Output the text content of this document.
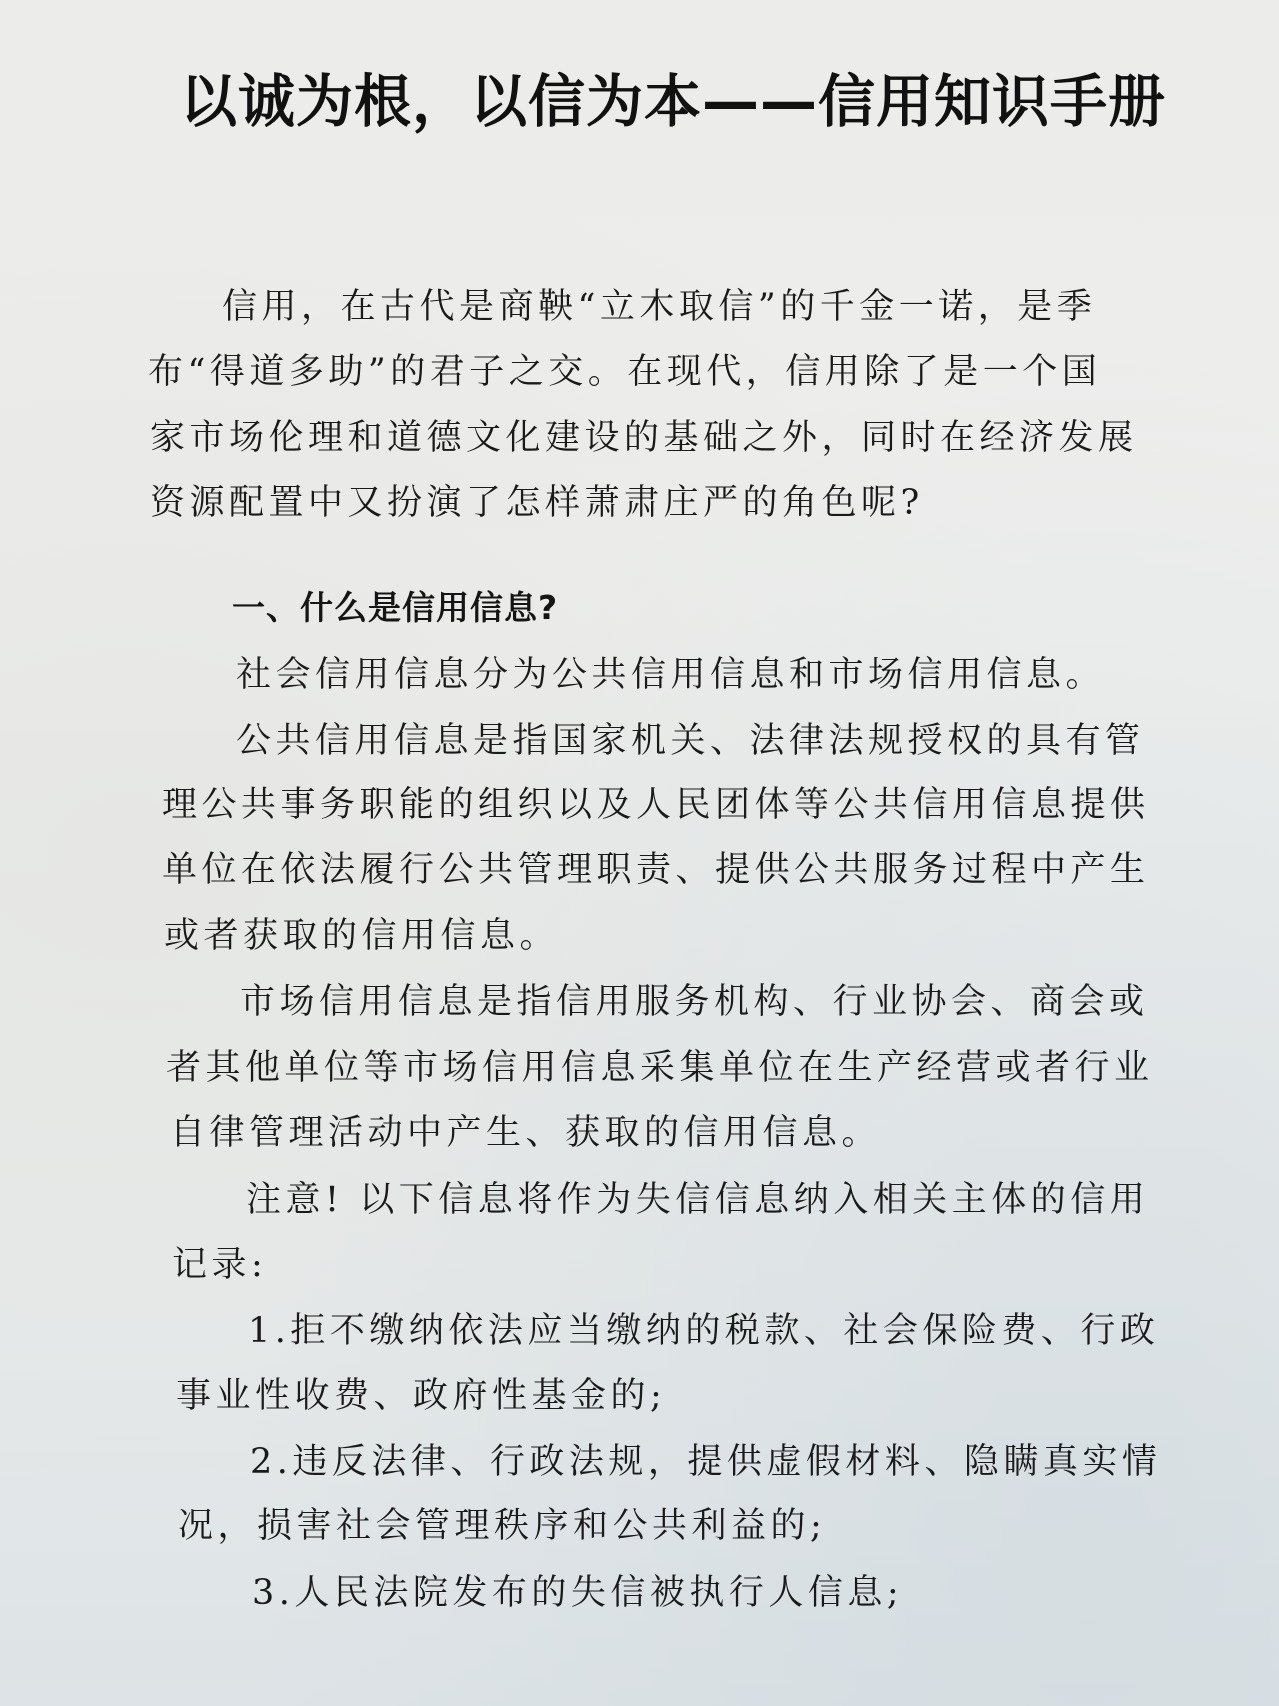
以诚为根，以信为本——信用知识手册
信用，在古代是商鞅“立木取信”的千金一诺，是季
布“得道多助”的君子之交。在现代，信用除了是一个国
家市场伦理和道德文化建设的基础之外，同时在经济发展
资源配置中又扮演了怎样萧肃庄严的角色呢?
一、什么是信用信息?
社会信用信息分为公共信用信息和市场信用信息。
公共信用信息是指国家机关、法律法规授权的具有管
理公共事务职能的组织以及人民团体等公共信用信息提供
单位在依法履行公共管理职责、提供公共服务过程中产生
或者获取的信用信息。
市场信用信息是指信用服务机构、行业协会、商会或
者其他单位等市场信用信息采集单位在生产经营或者行业
自律管理活动中产生、获取的信用信息。
注意! 以下信息将作为失信信息纳入相关主体的信用
记录:
1.拒不缴纳依法应当缴纳的税款、社会保险费、行政
事业性收费、政府性基金的;
2.违反法律、行政法规，提供虚假材料、隐瞒真实情
况，损害社会管理秩序和公共利益的;
3.人民法院发布的失信被执行人信息;
